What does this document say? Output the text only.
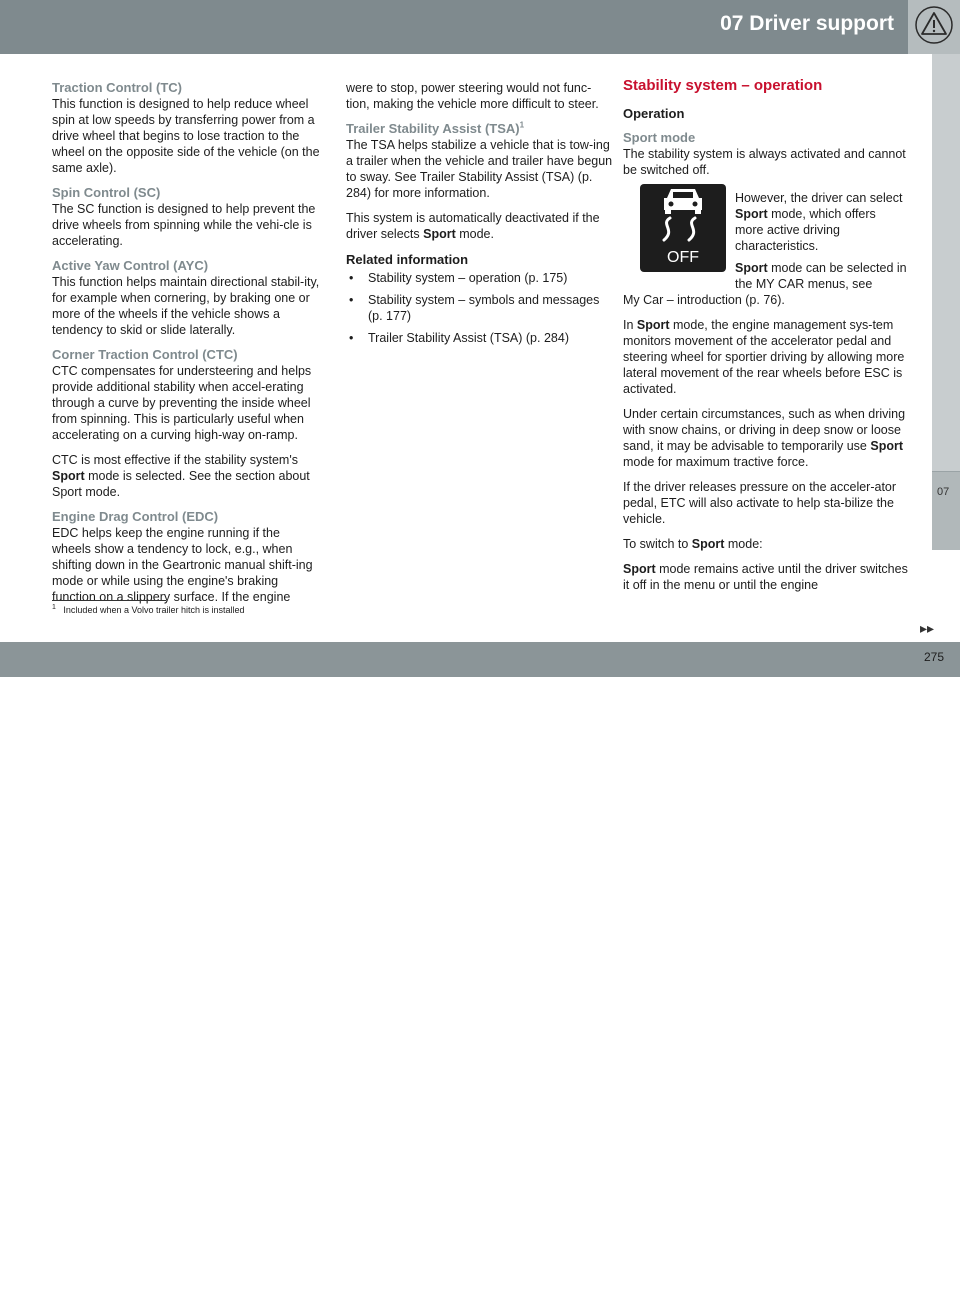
07 Driver support
07
Traction Control (TC)

This function is designed to help reduce wheel spin at low speeds by transferring power from a drive wheel that begins to lose traction to the wheel on the opposite side of the vehicle (on the same axle).

Spin Control (SC)

The SC function is designed to help prevent the drive wheels from spinning while the vehi-cle is accelerating.

Active Yaw Control (AYC)

This function helps maintain directional stabil-ity, for example when cornering, by braking one or more of the wheels if the vehicle shows a tendency to skid or slide laterally.

Corner Traction Control (CTC)

CTC compensates for understeering and helps provide additional stability when accel-erating through a curve by preventing the inside wheel from spinning. This is particularly useful when accelerating on a curving high-way on-ramp.

CTC is most effective if the stability system's Sport mode is selected. See the section about Sport mode.

Engine Drag Control (EDC)

EDC helps keep the engine running if the wheels show a tendency to lock, e.g., when shifting down in the Geartronic manual shift-ing mode or while using the engine's braking function on a slippery surface. If the engine

were to stop, power steering would not func-tion, making the vehicle more difficult to steer.

Trailer Stability Assist (TSA)$^1$

The TSA helps stabilize a vehicle that is tow-ing a trailer when the vehicle and trailer have begun to sway. See Trailer Stability Assist (TSA) (p. 284) for more information.

This system is automatically deactivated if the driver selects Sport mode.

Related information
• Stability system – operation (p. 175)
• Stability system – symbols and messages (p. 177)
• Trailer Stability Assist (TSA) (p. 284)
Stability system – operation
Operation
Sport mode

The stability system is always activated and cannot be switched off.

However, the driver can select Sport mode, which offers more active driving characteristics.

Sport mode can be selected in the MY CAR menus, see

My Car – introduction (p. 76).

In Sport mode, the engine management sys-tem monitors movement of the accelerator pedal and steering wheel for sportier driving by allowing more lateral movement of the rear wheels before ESC is activated.

Under certain circumstances, such as when driving with snow chains, or driving in deep snow or loose sand, it may be advisable to temporarily use Sport mode for maximum tractive force.

If the driver releases pressure on the acceler-ator pedal, ETC will also activate to help sta-bilize the vehicle.

To switch to Sport mode:

Sport mode remains active until the driver switches it off in the menu or until the engine

OFF
$^1$ Included when a Volvo trailer hitch is installed
▸▸
carmanualsonline.info
275
